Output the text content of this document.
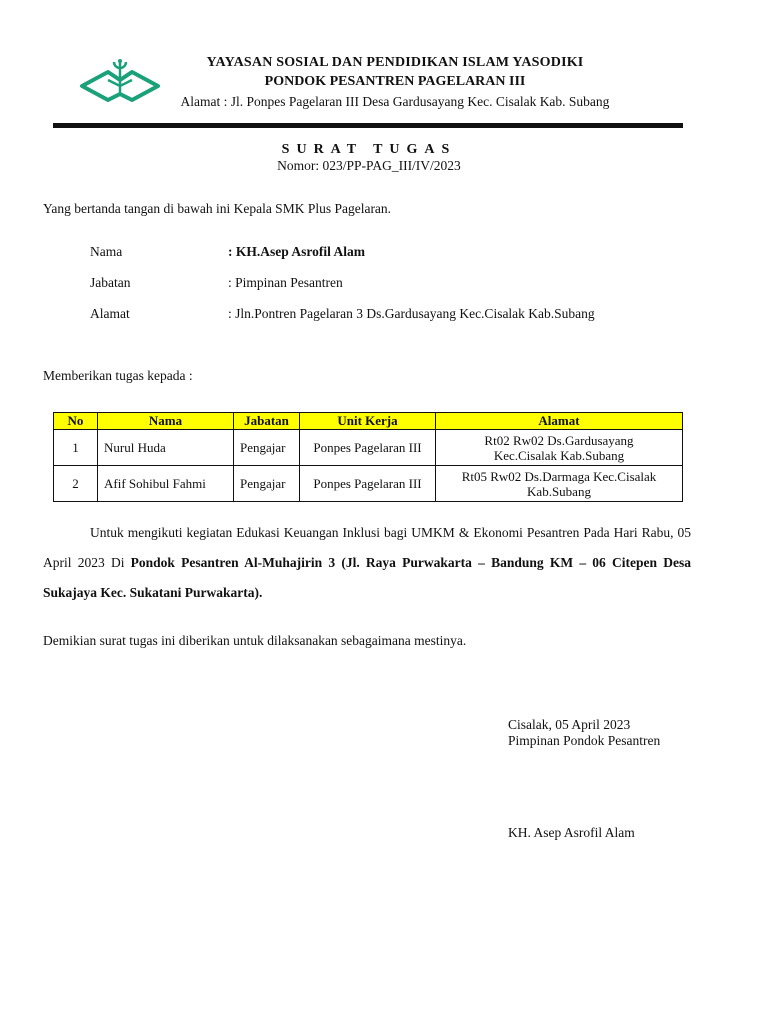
YAYASAN SOSIAL DAN PENDIDIKAN ISLAM YASODIKI
PONDOK PESANTREN PAGELARAN III
Alamat : Jl. Ponpes Pagelaran III Desa Gardusayang Kec. Cisalak Kab. Subang
SURAT TUGAS
Nomor: 023/PP-PAG_III/IV/2023
Yang bertanda tangan di bawah ini Kepala SMK Plus Pagelaran.
Nama	: KH.Asep Asrofil Alam
Jabatan	: Pimpinan Pesantren
Alamat	: Jln.Pontren Pagelaran 3 Ds.Gardusayang Kec.Cisalak Kab.Subang
Memberikan tugas kepada :
No	Nama	Jabatan	Unit Kerja	Alamat
1	Nurul Huda	Pengajar	Ponpes Pagelaran III	Rt02 Rw02 Ds.Gardusayang
Kec.Cisalak Kab.Subang

2	Afif Sohibul Fahmi	Pengajar	Ponpes Pagelaran III	Rt05 Rw02 Ds.Darmaga Kec.Cisalak
Kab.Subang
Untuk mengikuti kegiatan Edukasi Keuangan Inklusi bagi UMKM & Ekonomi Pesantren Pada Hari Rabu, 05 April 2023 Di Pondok Pesantren Al-Muhajirin 3 (Jl. Raya Purwakarta – Bandung KM – 06 Citepen Desa Sukajaya Kec. Sukatani Purwakarta).
Demikian surat tugas ini diberikan untuk dilaksanakan sebagaimana mestinya.
Cisalak, 05 April 2023
Pimpinan Pondok Pesantren
KH. Asep Asrofil Alam
